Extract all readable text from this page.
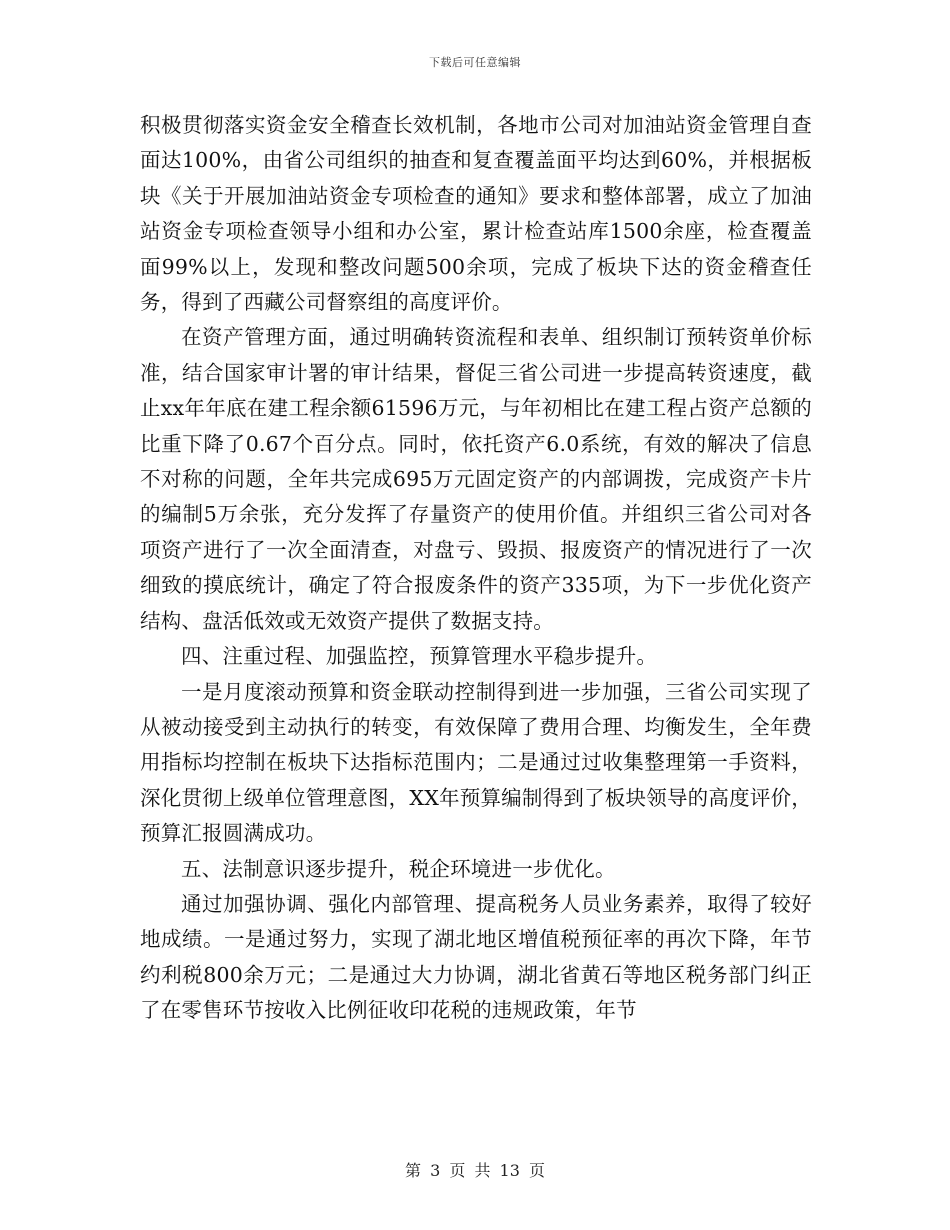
下载后可任意编辑

积极贯彻落实资金安全稽查长效机制，各地市公司对加油站资金管理自查面达100%，由省公司组织的抽查和复查覆盖面平均达到60%，并根据板块《关于开展加油站资金专项检查的通知》要求和整体部署，成立了加油站资金专项检查领导小组和办公室，累计检查站库1500余座，检查覆盖面99%以上，发现和整改问题500余项，完成了板块下达的资金稽查任务，得到了西藏公司督察组的高度评价。

在资产管理方面，通过明确转资流程和表单、组织制订预转资单价标准，结合国家审计署的审计结果，督促三省公司进一步提高转资速度，截止xx年年底在建工程余额61596万元，与年初相比在建工程占资产总额的比重下降了0.67个百分点。同时，依托资产6.0系统，有效的解决了信息不对称的问题，全年共完成695万元固定资产的内部调拨，完成资产卡片的编制5万余张，充分发挥了存量资产的使用价值。并组织三省公司对各项资产进行了一次全面清查，对盘亏、毁损、报废资产的情况进行了一次细致的摸底统计，确定了符合报废条件的资产335项，为下一步优化资产结构、盘活低效或无效资产提供了数据支持。

四、注重过程、加强监控，预算管理水平稳步提升。

一是月度滚动预算和资金联动控制得到进一步加强，三省公司实现了从被动接受到主动执行的转变，有效保障了费用合理、均衡发生，全年费用指标均控制在板块下达指标范围内；二是通过过收集整理第一手资料，深化贯彻上级单位管理意图，XX年预算编制得到了板块领导的高度评价，预算汇报圆满成功。

五、法制意识逐步提升，税企环境进一步优化。

通过加强协调、强化内部管理、提高税务人员业务素养，取得了较好地成绩。一是通过努力，实现了湖北地区增值税预征率的再次下降，年节约利税800余万元；二是通过大力协调，湖北省黄石等地区税务部门纠正了在零售环节按收入比例征收印花税的违规政策，年节

第 3 页 共 13 页
